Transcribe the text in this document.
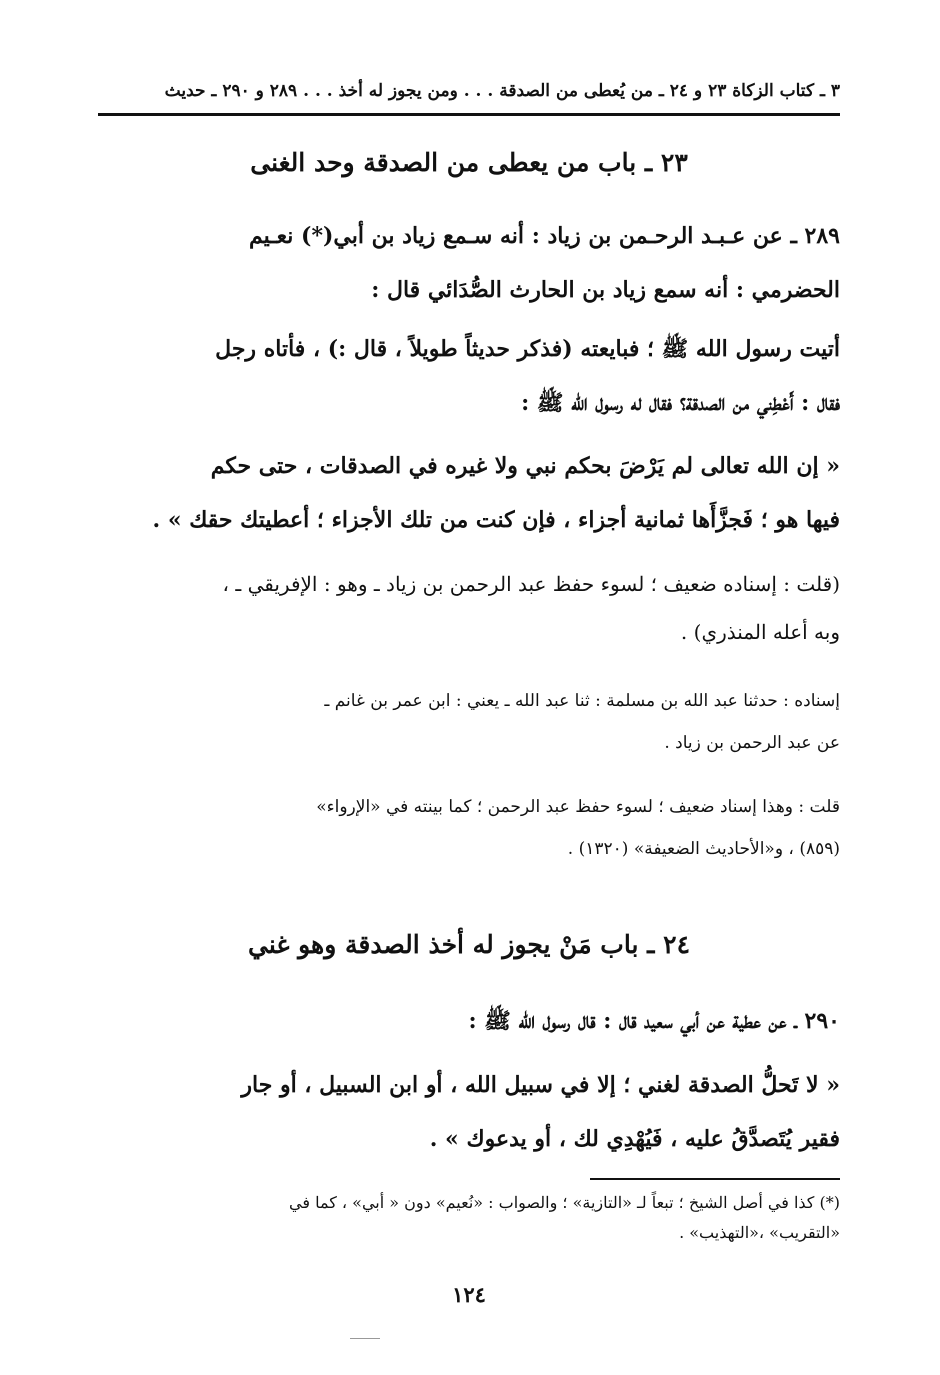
٣ ـ كتاب الزكاة ٢٣ و ٢٤ ـ من يُعطى من الصدقة . . . ومن يجوز له أخذ . . . ٢٨٩ و ٢٩٠ ـ حديث
٢٣ ـ باب من يعطى من الصدقة وحد الغنى
٢٨٩ ـ عن عـبـد الرحـمن بن زياد : أنه سـمع زياد بن أبي(*) نعـيم
الحضرمي : أنه سمع زياد بن الحارث الصُّدَائي قال :
أتيت رسول الله ﷺ ؛ فبايعته (فذكر حديثاً طويلاً ، قال :) ، فأتاه رجل
فقال : أَعْطِني من الصدقة؟ فقال له رسول الله ﷺ :
« إن الله تعالى لم يَرْضَ بحكم نبي ولا غيره في الصدقات ، حتى حكم
فيها هو ؛ فَجزَّأَها ثمانية أجزاء ، فإن كنت من تلك الأجزاء ؛ أعطيتك حقك » .
(قلت : إسناده ضعيف ؛ لسوء حفظ عبد الرحمن بن زياد ـ وهو : الإفريقي ـ ،
وبه أعله المنذري) .
إسناده : حدثنا عبد الله بن مسلمة : ثنا عبد الله ـ يعني : ابن عمر بن غانم ـ
عن عبد الرحمن بن زياد .
قلت : وهذا إسناد ضعيف ؛ لسوء حفظ عبد الرحمن ؛ كما بينته في «الإرواء»
(٨٥٩) ، و«الأحاديث الضعيفة» (١٣٢٠) .
٢٤ ـ باب مَنْ يجوز له أخذ الصدقة وهو غني
٢٩٠ ـ عن عطية عن أبي سعيد قال : قال رسول الله ﷺ :
« لا تَحلُّ الصدقة لغني ؛ إلا في سبيل الله ، أو ابن السبيل ، أو جار
فقير يُتَصدَّقُ عليه ، فَيُهْدِي لك ، أو يدعوك » .
(*) كذا في أصل الشيخ ؛ تبعاً لـ «التازية» ؛ والصواب : «نُعيم» دون « أبي» ، كما في
«التقريب» ،«التهذيب» .
١٢٤
